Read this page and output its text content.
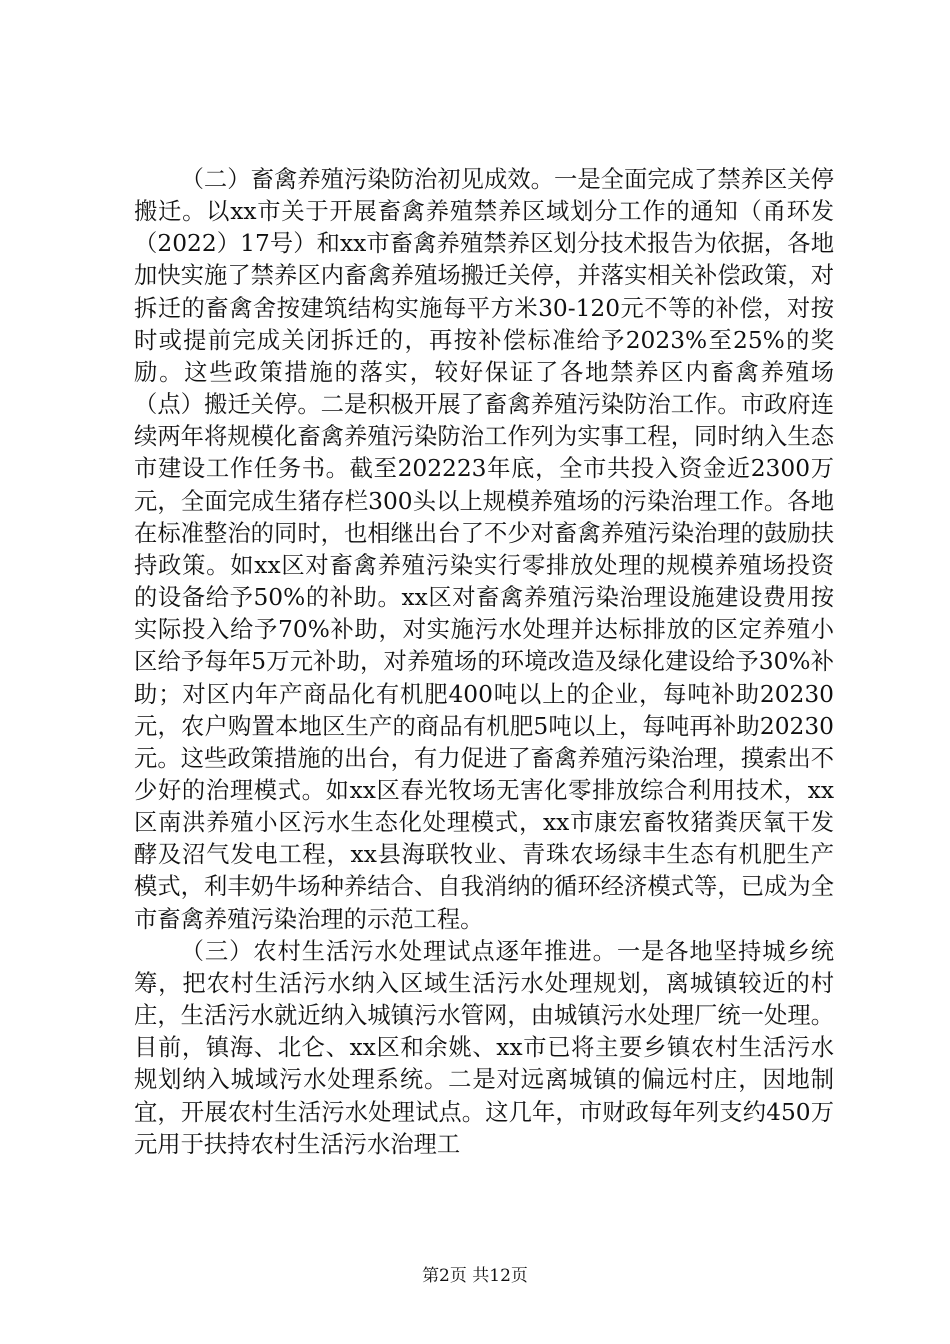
（二）畜禽养殖污染防治初见成效。一是全面完成了禁养区关停搬迁。以xx市关于开展畜禽养殖禁养区域划分工作的通知（甬环发（2022）17号）和xx市畜禽养殖禁养区划分技术报告为依据，各地加快实施了禁养区内畜禽养殖场搬迁关停，并落实相关补偿政策，对拆迁的畜禽舍按建筑结构实施每平方米30-120元不等的补偿，对按时或提前完成关闭拆迁的，再按补偿标准给予2023%至25%的奖励。这些政策措施的落实，较好保证了各地禁养区内畜禽养殖场（点）搬迁关停。二是积极开展了畜禽养殖污染防治工作。市政府连续两年将规模化畜禽养殖污染防治工作列为实事工程，同时纳入生态市建设工作任务书。截至202223年底，全市共投入资金近2300万元，全面完成生猪存栏300头以上规模养殖场的污染治理工作。各地在标准整治的同时，也相继出台了不少对畜禽养殖污染治理的鼓励扶持政策。如xx区对畜禽养殖污染实行零排放处理的规模养殖场投资的设备给予50%的补助。xx区对畜禽养殖污染治理设施建设费用按实际投入给予70%补助，对实施污水处理并达标排放的区定养殖小区给予每年5万元补助，对养殖场的环境改造及绿化建设给予30%补助；对区内年产商品化有机肥400吨以上的企业，每吨补助20230元，农户购置本地区生产的商品有机肥5吨以上，每吨再补助20230元。这些政策措施的出台，有力促进了畜禽养殖污染治理，摸索出不少好的治理模式。如xx区春光牧场无害化零排放综合利用技术，xx区南洪养殖小区污水生态化处理模式，xx市康宏畜牧猪粪厌氧干发酵及沼气发电工程，xx县海联牧业、青珠农场绿丰生态有机肥生产模式，利丰奶牛场种养结合、自我消纳的循环经济模式等，已成为全市畜禽养殖污染治理的示范工程。

（三）农村生活污水处理试点逐年推进。一是各地坚持城乡统筹，把农村生活污水纳入区域生活污水处理规划，离城镇较近的村庄，生活污水就近纳入城镇污水管网，由城镇污水处理厂统一处理。目前，镇海、北仑、xx区和余姚、xx市已将主要乡镇农村生活污水规划纳入城域污水处理系统。二是对远离城镇的偏远村庄，因地制宜，开展农村生活污水处理试点。这几年，市财政每年列支约450万元用于扶持农村生活污水治理工

第2页 共12页
